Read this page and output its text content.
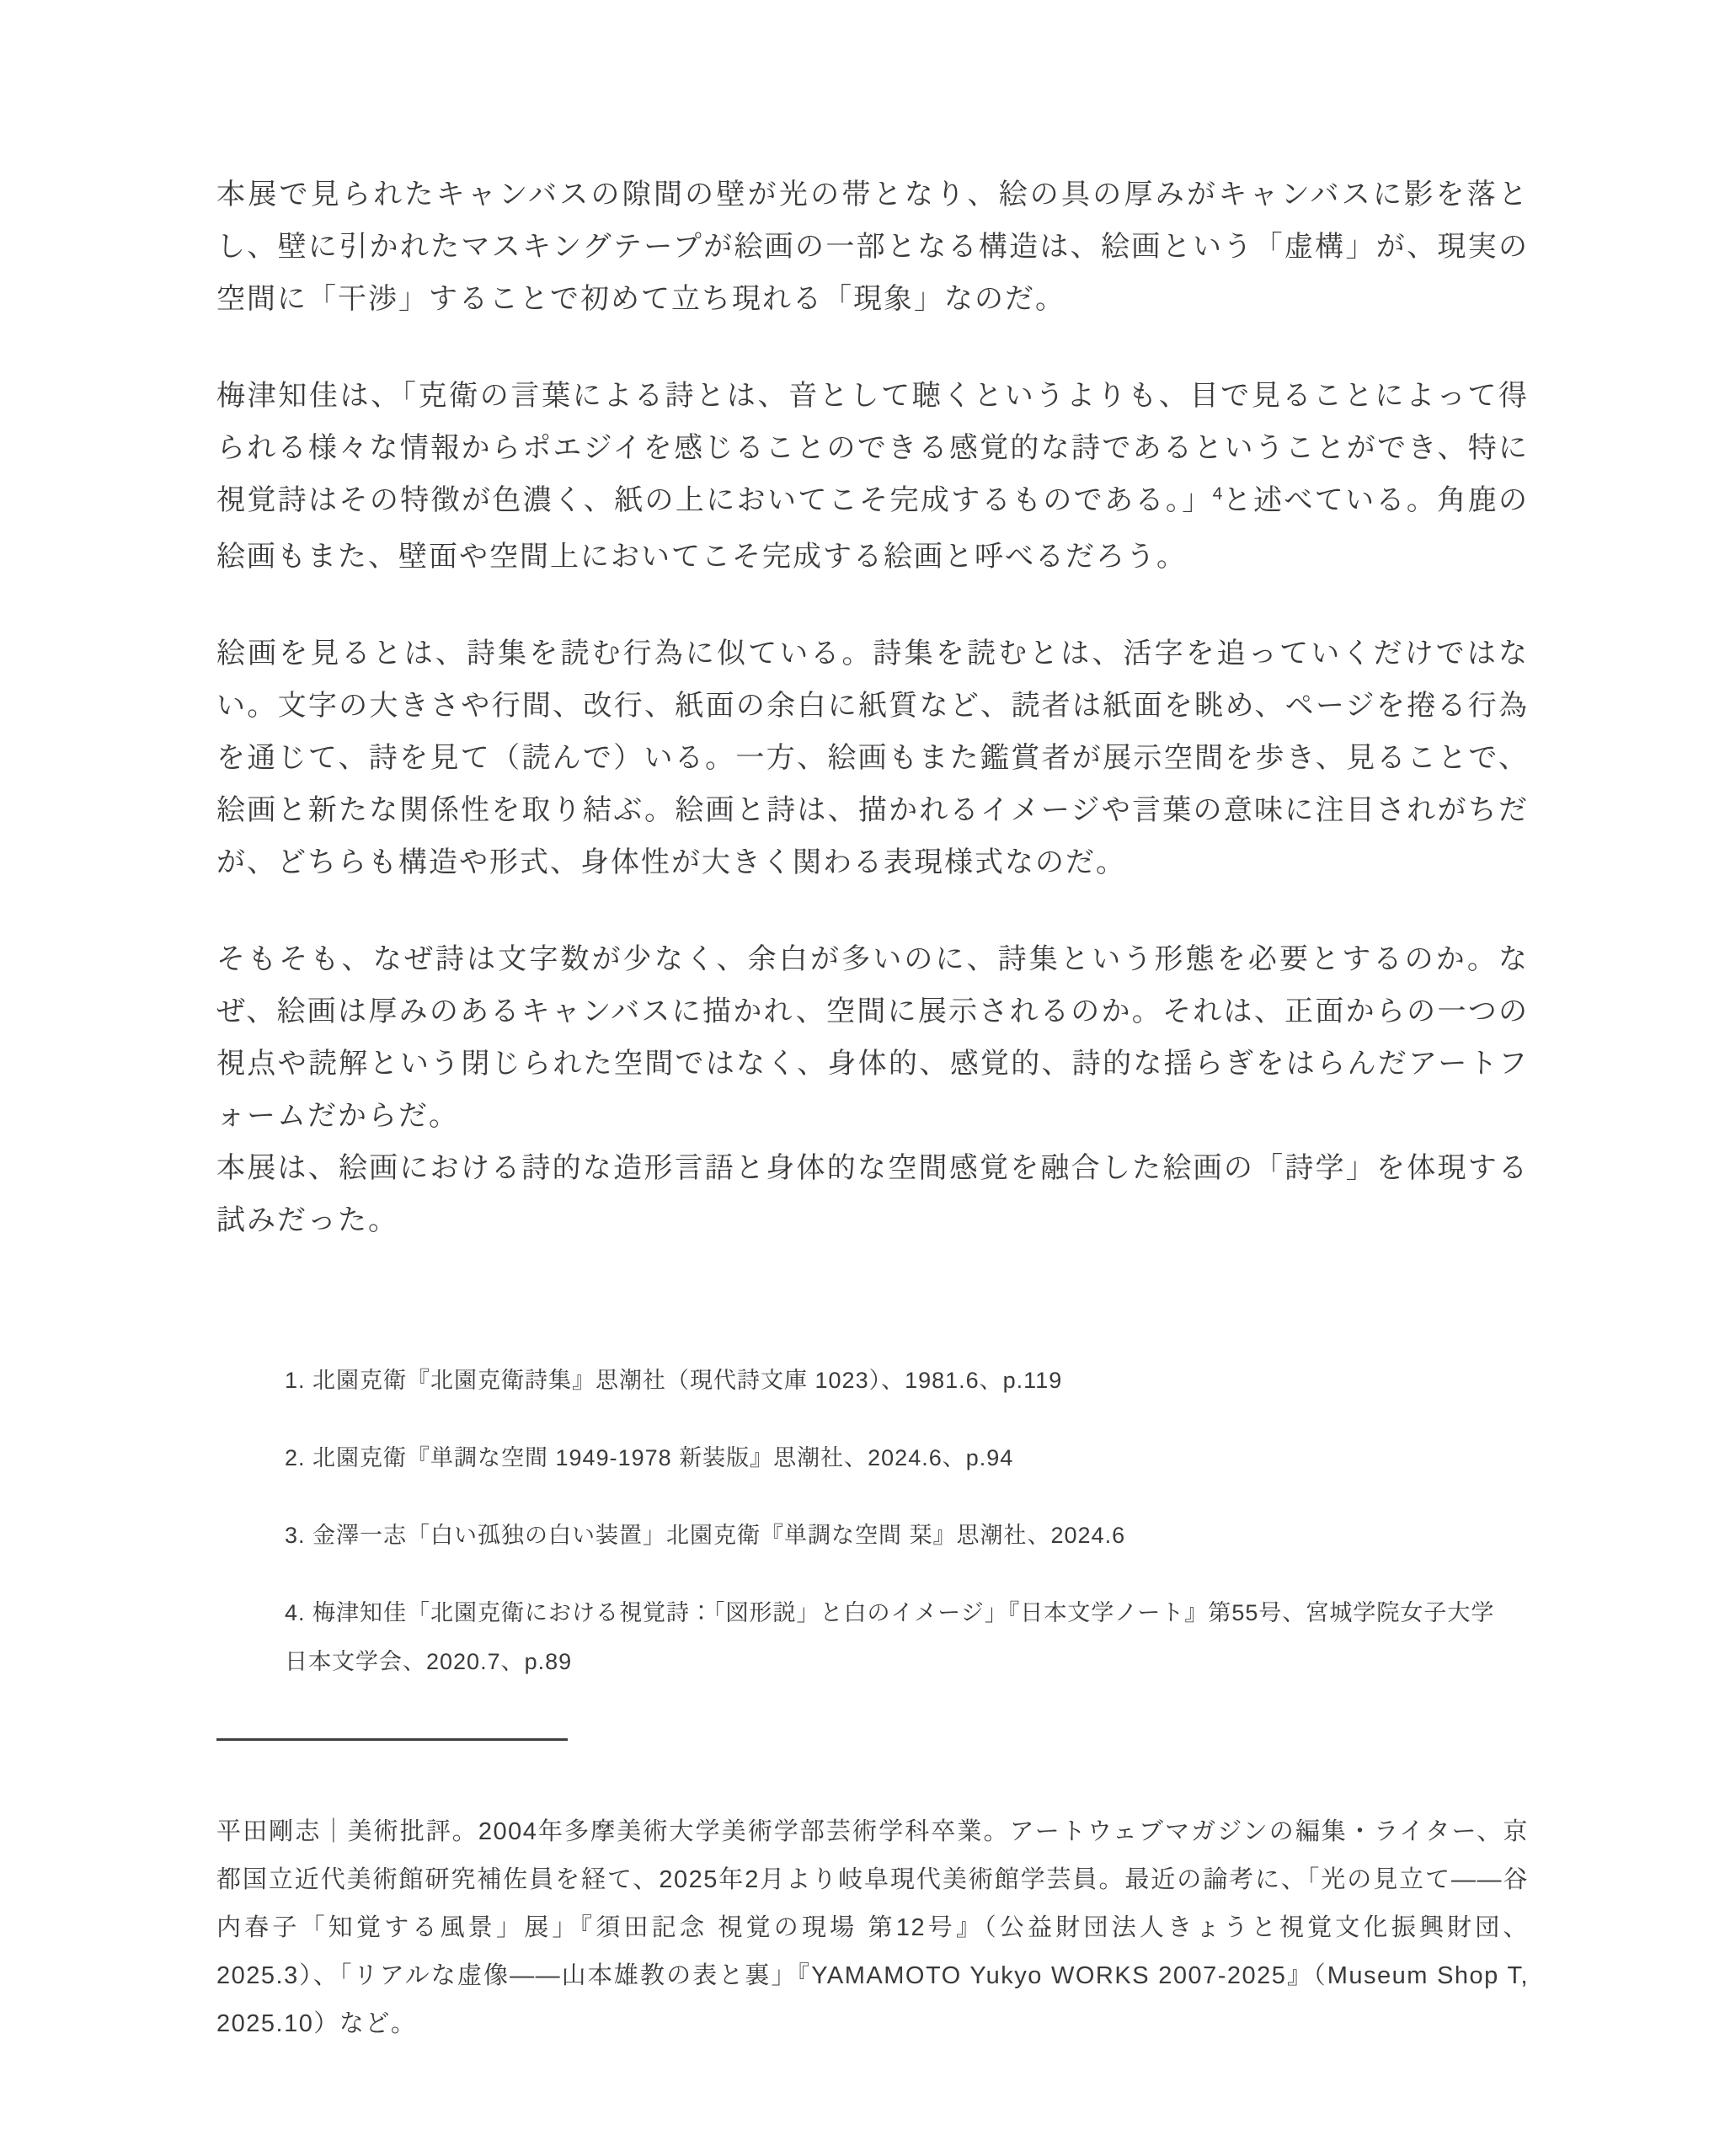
本展で見られたキャンバスの隙間の壁が光の帯となり、絵の具の厚みがキャンバスに影を落とし、壁に引かれたマスキングテープが絵画の一部となる構造は、絵画という「虚構」が、現実の空間に「干渉」することで初めて立ち現れる「現象」なのだ。

梅津知佳は、「克衛の言葉による詩とは、音として聴くというよりも、目で見ることによって得られる様々な情報からポエジイを感じることのできる感覚的な詩であるということができ、特に視覚詩はその特徴が色濃く、紙の上においてこそ完成するものである。」$^4$と述べている。角鹿の絵画もまた、壁面や空間上においてこそ完成する絵画と呼べるだろう。

絵画を見るとは、詩集を読む行為に似ている。詩集を読むとは、活字を追っていくだけではない。文字の大きさや行間、改行、紙面の余白に紙質など、読者は紙面を眺め、ページを捲る行為を通じて、詩を見て（読んで）いる。一方、絵画もまた鑑賞者が展示空間を歩き、見ることで、絵画と新たな関係性を取り結ぶ。絵画と詩は、描かれるイメージや言葉の意味に注目されがちだが、どちらも構造や形式、身体性が大きく関わる表現様式なのだ。

そもそも、なぜ詩は文字数が少なく、余白が多いのに、詩集という形態を必要とするのか。なぜ、絵画は厚みのあるキャンバスに描かれ、空間に展示されるのか。それは、正面からの一つの視点や読解という閉じられた空間ではなく、身体的、感覚的、詩的な揺らぎをはらんだアートフォームだからだ。
本展は、絵画における詩的な造形言語と身体的な空間感覚を融合した絵画の「詩学」を体現する試みだった。

1. 北園克衛『北園克衛詩集』思潮社（現代詩文庫 1023）、1981.6、p.119
2. 北園克衛『単調な空間 1949-1978 新装版』思潮社、2024.6、p.94
3. 金澤一志「白い孤独の白い装置」北園克衛『単調な空間 栞』思潮社、2024.6
4. 梅津知佳「北園克衛における視覚詩：「図形説」と白のイメージ」『日本文学ノート』第55号、宮城学院女子大学日本文学会、2020.7、p.89

平田剛志｜美術批評。2004年多摩美術大学美術学部芸術学科卒業。アートウェブマガジンの編集・ライター、京都国立近代美術館研究補佐員を経て、2025年2月より岐阜現代美術館学芸員。最近の論考に、「光の見立て——谷内春子「知覚する風景」展」『須田記念 視覚の現場 第12号』（公益財団法人きょうと視覚文化振興財団、2025.3）、「リアルな虚像——山本雄教の表と裏」『YAMAMOTO Yukyo WORKS 2007-2025』（Museum Shop T, 2025.10）など。
